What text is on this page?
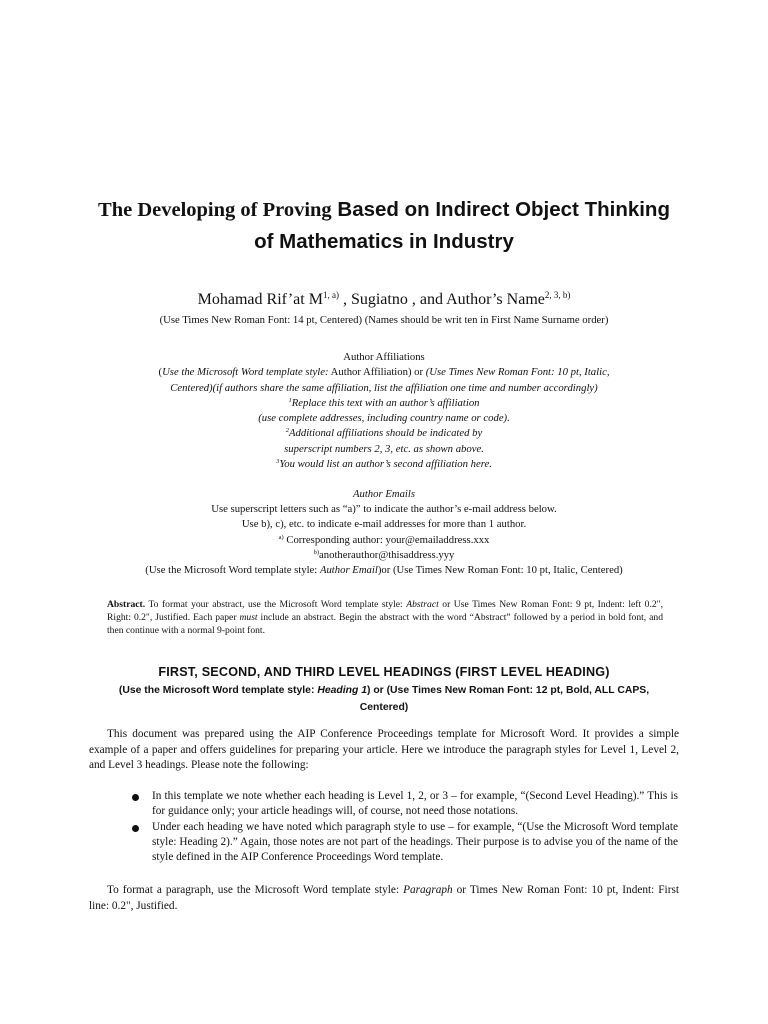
The Developing of Proving Based on Indirect Object Thinking
of Mathematics in Industry
Mohamad Rif’at M$^{1, a)}$ , Sugiatno , and Author’s Name$^{2, 3, b)}$
(Use Times New Roman Font: 14 pt, Centered) (Names should be writ ten in First Name Surname order)
Author Affiliations
(Use the Microsoft Word template style: Author Affiliation) or (Use Times New Roman Font: 10 pt, Italic,
Centered)(if authors share the same affiliation, list the affiliation one time and number accordingly)
$^1$Replace this text with an author’s affiliation
(use complete addresses, including country name or code).
$^2$Additional affiliations should be indicated by
superscript numbers 2, 3, etc. as shown above.
$^3$You would list an author’s second affiliation here.
Author Emails
Use superscript letters such as “a)” to indicate the author’s e-mail address below.
Use b), c), etc. to indicate e-mail addresses for more than 1 author.
$^{a)}$ Corresponding author: your@emailaddress.xxx
$^{b)}$anotherauthor@thisaddress.yyy
(Use the Microsoft Word template style: Author Email)or (Use Times New Roman Font: 10 pt, Italic, Centered)
Abstract. To format your abstract, use the Microsoft Word template style: Abstract or Use Times New Roman Font: 9 pt, Indent: left 0.2", Right: 0.2", Justified. Each paper must include an abstract. Begin the abstract with the word “Abstract” followed by a period in bold font, and then continue with a normal 9-point font.
FIRST, SECOND, AND THIRD LEVEL HEADINGS (FIRST LEVEL HEADING)
(Use the Microsoft Word template style: Heading 1) or (Use Times New Roman Font: 12 pt, Bold, ALL CAPS, Centered)
This document was prepared using the AIP Conference Proceedings template for Microsoft Word. It provides a simple example of a paper and offers guidelines for preparing your article. Here we introduce the paragraph styles for Level 1, Level 2, and Level 3 headings. Please note the following:
In this template we note whether each heading is Level 1, 2, or 3 – for example, “(Second Level Heading).” This is for guidance only; your article headings will, of course, not need those notations.
Under each heading we have noted which paragraph style to use – for example, “(Use the Microsoft Word template style: Heading 2).” Again, those notes are not part of the headings. Their purpose is to advise you of the name of the style defined in the AIP Conference Proceedings Word template.
To format a paragraph, use the Microsoft Word template style: Paragraph or Times New Roman Font: 10 pt, Indent: First line: 0.2", Justified.
